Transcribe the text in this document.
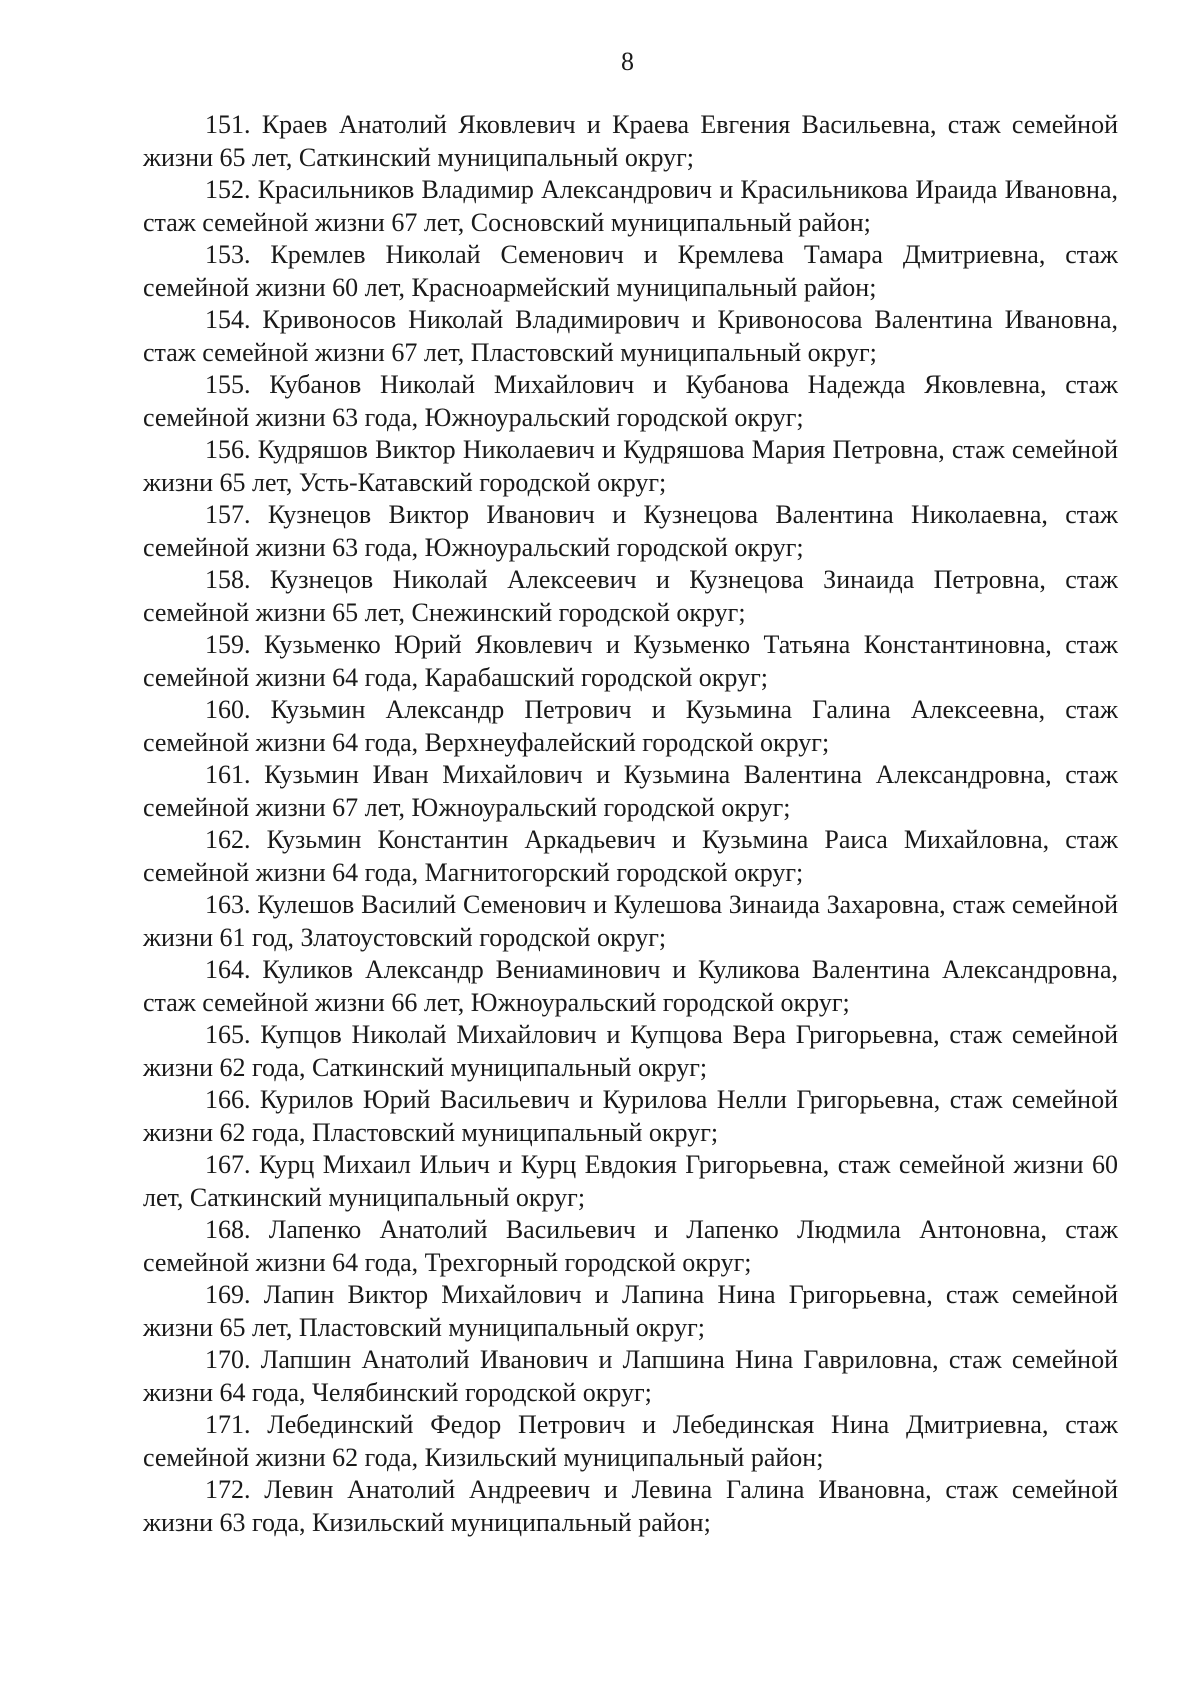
8
151. Краев Анатолий Яковлевич и Краева Евгения Васильевна, стаж семейной жизни 65 лет, Саткинский муниципальный округ;
152. Красильников Владимир Александрович и Красильникова Ираида Ивановна, стаж семейной жизни 67 лет, Сосновский муниципальный район;
153. Кремлев Николай Семенович и Кремлева Тамара Дмитриевна, стаж семейной жизни 60 лет, Красноармейский муниципальный район;
154. Кривоносов Николай Владимирович и Кривоносова Валентина Ивановна, стаж семейной жизни 67 лет, Пластовский муниципальный округ;
155. Кубанов Николай Михайлович и Кубанова Надежда Яковлевна, стаж семейной жизни 63 года, Южноуральский городской округ;
156. Кудряшов Виктор Николаевич и Кудряшова Мария Петровна, стаж семейной жизни 65 лет, Усть-Катавский городской округ;
157. Кузнецов Виктор Иванович и Кузнецова Валентина Николаевна, стаж семейной жизни 63 года, Южноуральский городской округ;
158. Кузнецов Николай Алексеевич и Кузнецова Зинаида Петровна, стаж семейной жизни 65 лет, Снежинский городской округ;
159. Кузьменко Юрий Яковлевич и Кузьменко Татьяна Константиновна, стаж семейной жизни 64 года, Карабашский городской округ;
160. Кузьмин Александр Петрович и Кузьмина Галина Алексеевна, стаж семейной жизни 64 года, Верхнеуфалейский городской округ;
161. Кузьмин Иван Михайлович и Кузьмина Валентина Александровна, стаж семейной жизни 67 лет, Южноуральский городской округ;
162. Кузьмин Константин Аркадьевич и Кузьмина Раиса Михайловна, стаж семейной жизни 64 года, Магнитогорский городской округ;
163. Кулешов Василий Семенович и Кулешова Зинаида Захаровна, стаж семейной жизни 61 год, Златоустовский городской округ;
164. Куликов Александр Вениаминович и Куликова Валентина Александровна, стаж семейной жизни 66 лет, Южноуральский городской округ;
165. Купцов Николай Михайлович и Купцова Вера Григорьевна, стаж семейной жизни 62 года, Саткинский муниципальный округ;
166. Курилов Юрий Васильевич и Курилова Нелли Григорьевна, стаж семейной жизни 62 года, Пластовский муниципальный округ;
167. Курц Михаил Ильич и Курц Евдокия Григорьевна, стаж семейной жизни 60 лет, Саткинский муниципальный округ;
168. Лапенко Анатолий Васильевич и Лапенко Людмила Антоновна, стаж семейной жизни 64 года, Трехгорный городской округ;
169. Лапин Виктор Михайлович и Лапина Нина Григорьевна, стаж семейной жизни 65 лет, Пластовский муниципальный округ;
170. Лапшин Анатолий Иванович и Лапшина Нина Гавриловна, стаж семейной жизни 64 года, Челябинский городской округ;
171. Лебединский Федор Петрович и Лебединская Нина Дмитриевна, стаж семейной жизни 62 года, Кизильский муниципальный район;
172. Левин Анатолий Андреевич и Левина Галина Ивановна, стаж семейной жизни 63 года, Кизильский муниципальный район;
